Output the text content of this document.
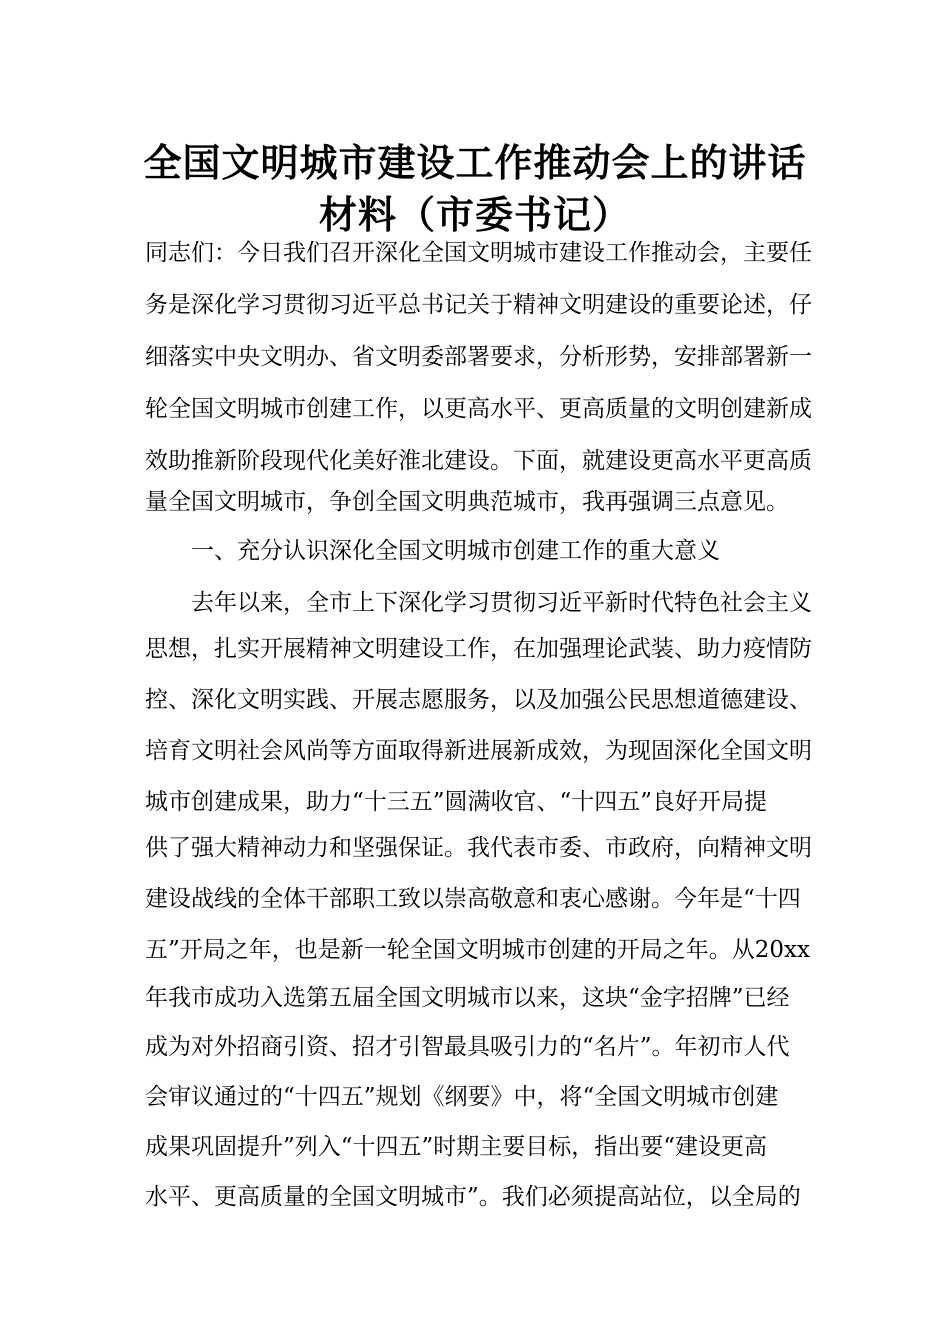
全国文明城市建设工作推动会上的讲话
材料（市委书记）
同志们：今日我们召开深化全国文明城市建设工作推动会，主要任
务是深化学习贯彻习近平总书记关于精神文明建设的重要论述，仔
细落实中央文明办、省文明委部署要求，分析形势，安排部署新一
轮全国文明城市创建工作，以更高水平、更高质量的文明创建新成
效助推新阶段现代化美好淮北建设。下面，就建设更高水平更高质
量全国文明城市，争创全国文明典范城市，我再强调三点意见。
一、充分认识深化全国文明城市创建工作的重大意义
去年以来，全市上下深化学习贯彻习近平新时代特色社会主义
思想，扎实开展精神文明建设工作，在加强理论武装、助力疫情防
控、深化文明实践、开展志愿服务，以及加强公民思想道德建设、
培育文明社会风尚等方面取得新进展新成效，为现固深化全国文明
城市创建成果，助力“十三五”圆满收官、“十四五”良好开局提
供了强大精神动力和坚强保证。我代表市委、市政府，向精神文明
建设战线的全体干部职工致以崇高敬意和衷心感谢。今年是“十四
五”开局之年，也是新一轮全国文明城市创建的开局之年。从20xx
年我市成功入选第五届全国文明城市以来，这块“金字招牌”已经
成为对外招商引资、招才引智最具吸引力的“名片”。年初市人代
会审议通过的“十四五”规划《纲要》中，将“全国文明城市创建
成果巩固提升”列入“十四五”时期主要目标，指出要“建设更高
水平、更高质量的全国文明城市”。我们必须提高站位，以全局的
